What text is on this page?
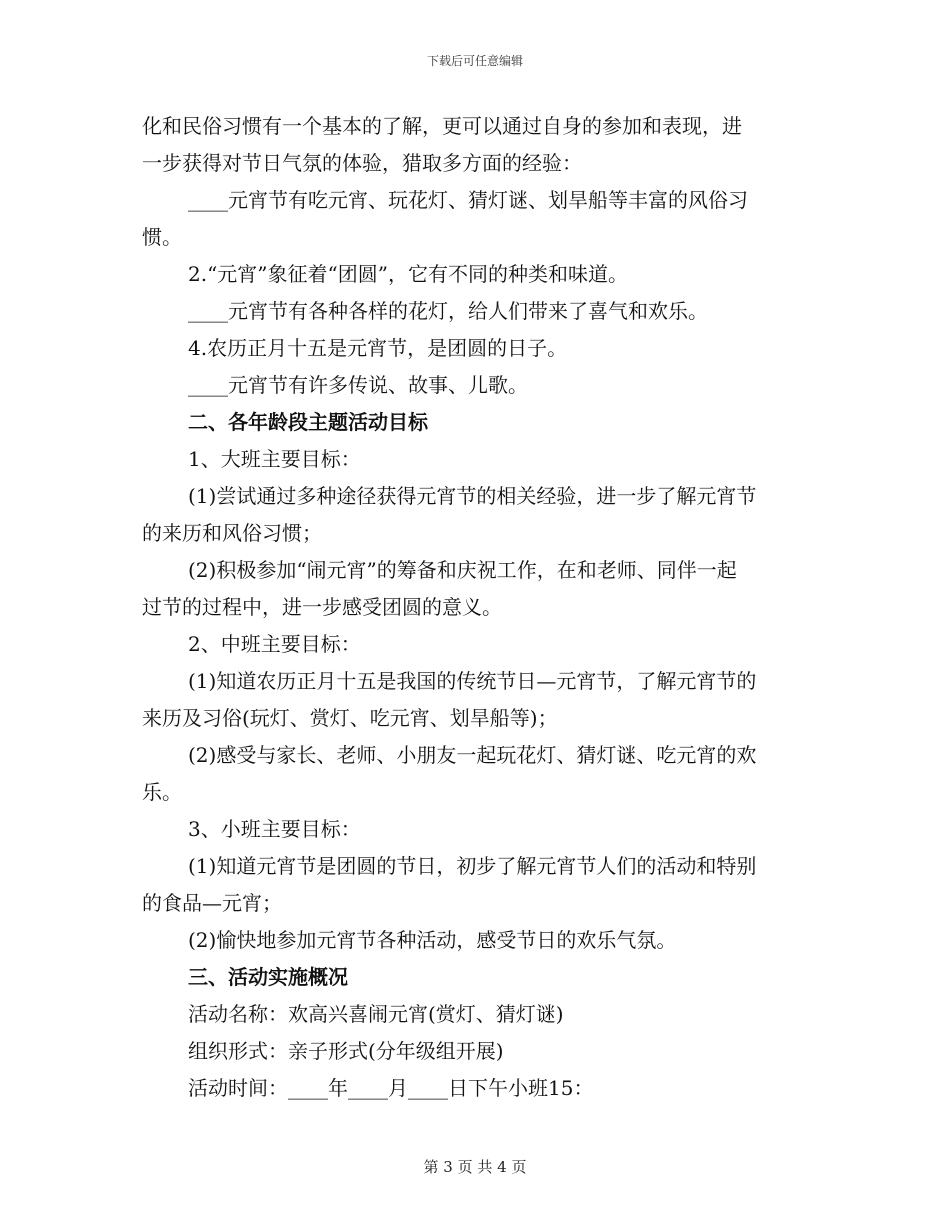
下载后可任意编辑
化和民俗习惯有一个基本的了解，更可以通过自身的参加和表现，进
一步获得对节日气氛的体验，猎取多方面的经验：
____元宵节有吃元宵、玩花灯、猜灯谜、划旱船等丰富的风俗习
惯。
2.“元宵”象征着“团圆”，它有不同的种类和味道。
____元宵节有各种各样的花灯，给人们带来了喜气和欢乐。
4.农历正月十五是元宵节，是团圆的日子。
____元宵节有许多传说、故事、儿歌。
二、各年龄段主题活动目标
1、大班主要目标：
(1)尝试通过多种途径获得元宵节的相关经验，进一步了解元宵节
的来历和风俗习惯；
(2)积极参加“闹元宵”的筹备和庆祝工作，在和老师、同伴一起
过节的过程中，进一步感受团圆的意义。
2、中班主要目标：
(1)知道农历正月十五是我国的传统节日—元宵节，了解元宵节的
来历及习俗(玩灯、赏灯、吃元宵、划旱船等)；
(2)感受与家长、老师、小朋友一起玩花灯、猜灯谜、吃元宵的欢
乐。
3、小班主要目标：
(1)知道元宵节是团圆的节日，初步了解元宵节人们的活动和特别
的食品—元宵；
(2)愉快地参加元宵节各种活动，感受节日的欢乐气氛。
三、活动实施概况
活动名称：欢高兴喜闹元宵(赏灯、猜灯谜)
组织形式：亲子形式(分年级组开展)
活动时间：____年____月____日下午小班15：
第 3 页 共 4 页
